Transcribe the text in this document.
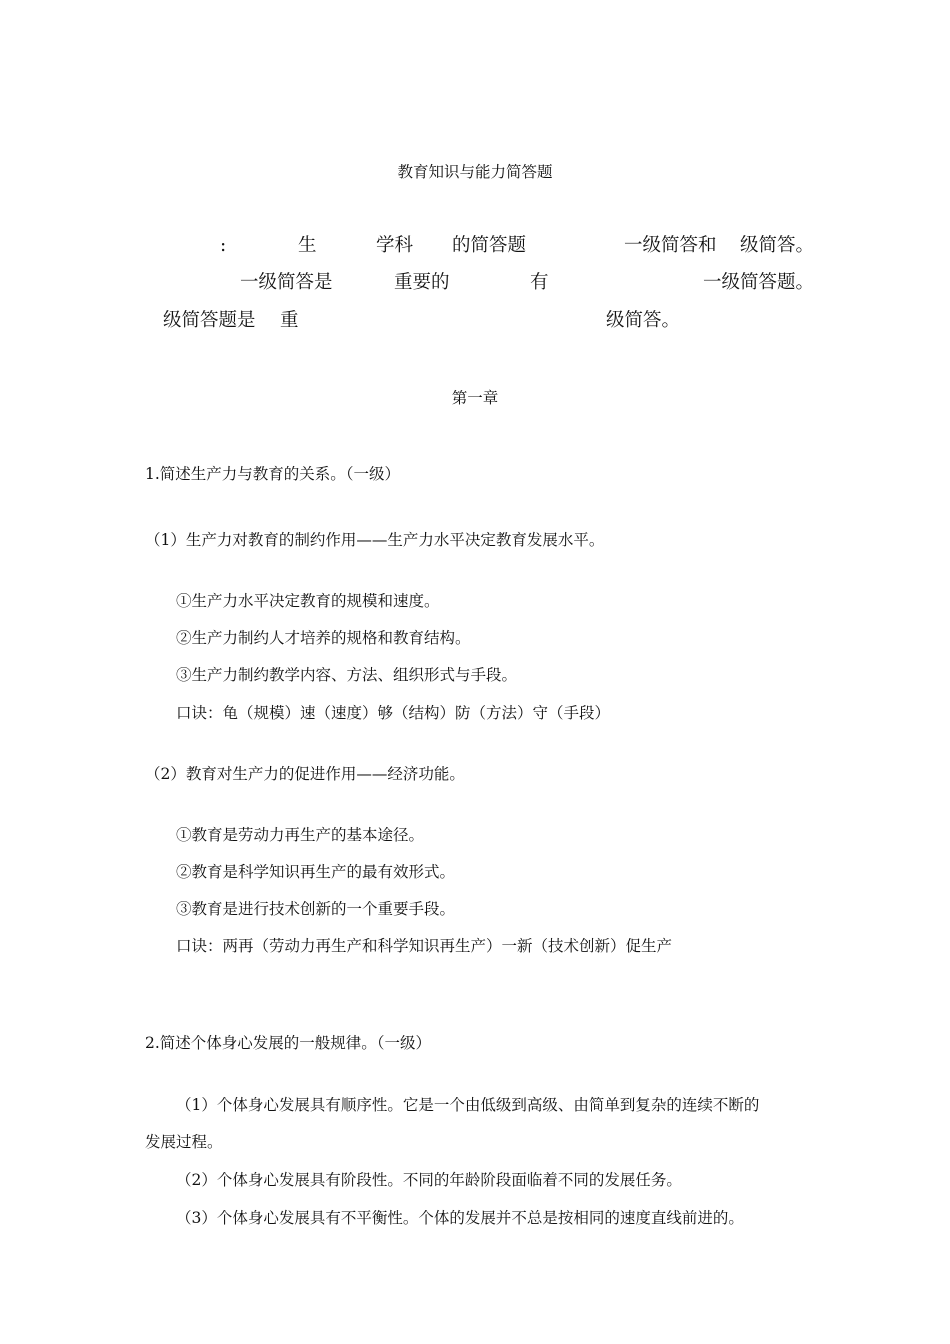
教育知识与能力简答题
:	生	学科 的简答题	一级简答和 级简答。
一级简答是	重要的	有	一级简答题。
级简答题是 重	级简答。
第一章
1.简述生产力与教育的关系。（一级）
（1）生产力对教育的制约作用——生产力水平决定教育发展水平。
①生产力水平决定教育的规模和速度。
②生产力制约人才培养的规格和教育结构。
③生产力制约教学内容、方法、组织形式与手段。
口诀：龟（规模）速（速度）够（结构）防（方法）守（手段）
（2）教育对生产力的促进作用——经济功能。
①教育是劳动力再生产的基本途径。
②教育是科学知识再生产的最有效形式。
③教育是进行技术创新的一个重要手段。
口诀：两再（劳动力再生产和科学知识再生产）一新（技术创新）促生产
2.简述个体身心发展的一般规律。（一级）
（1）个体身心发展具有顺序性。它是一个由低级到高级、由简单到复杂的连续不断的
发展过程。
（2）个体身心发展具有阶段性。不同的年龄阶段面临着不同的发展任务。
（3）个体身心发展具有不平衡性。个体的发展并不总是按相同的速度直线前进的。
